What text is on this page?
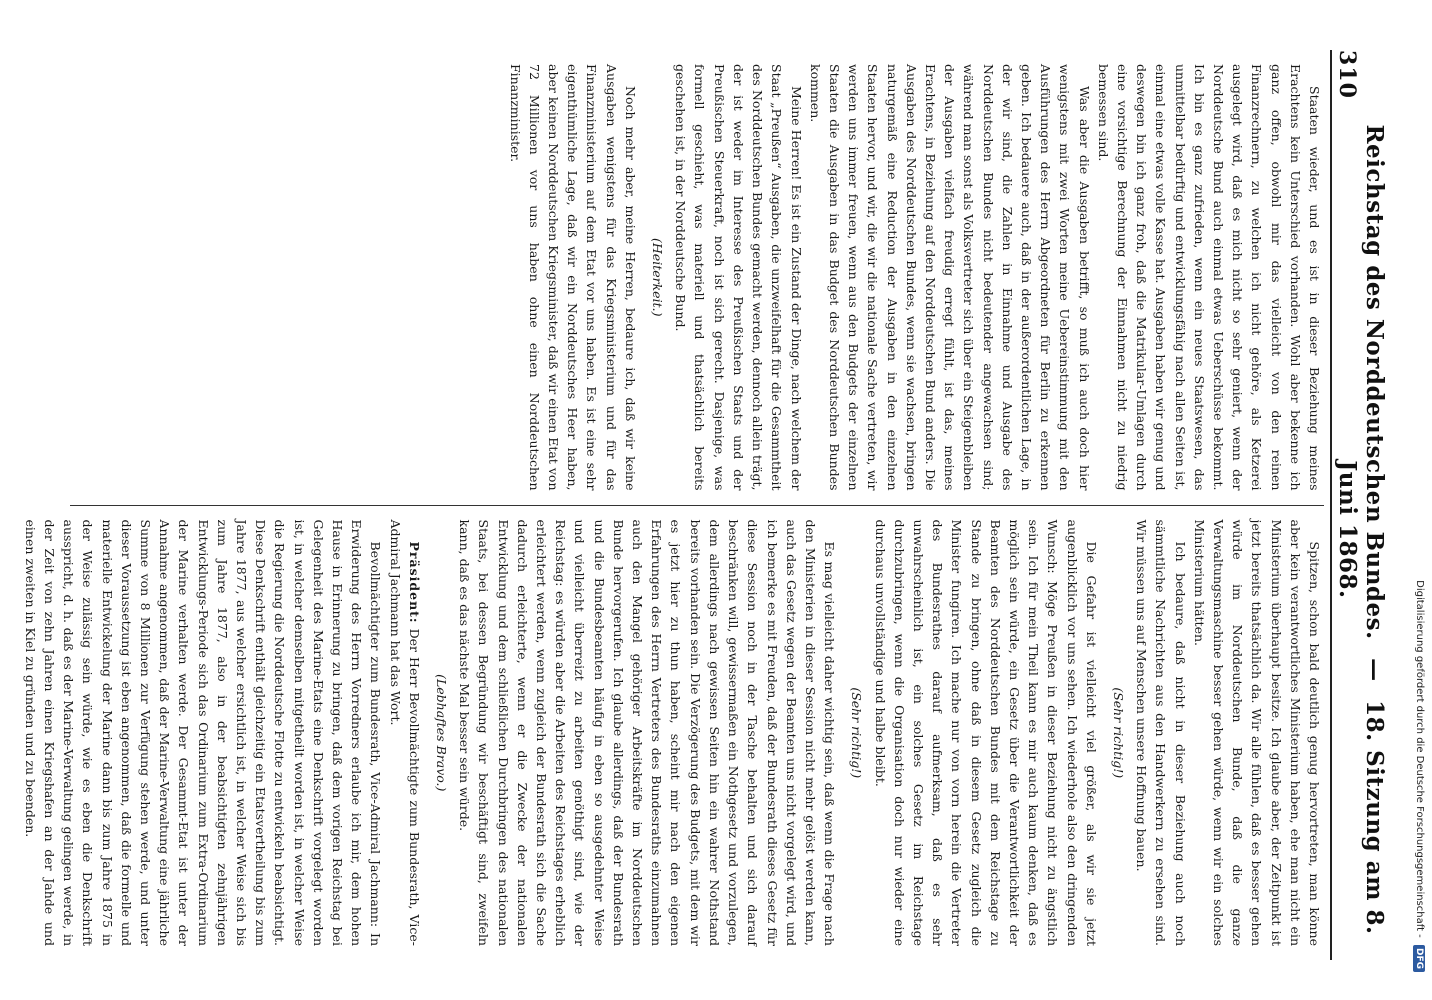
310
Reichstag des Norddeutschen Bundes. — 18. Sitzung am 8. Juni 1868.

Staaten wieder, und es ist in dieser Beziehung meines Erachtens kein Unterschied vorhanden. Wohl aber bekenne ich ganz offen, obwohl mir das vielleicht von den reinen Finanzrechnern, zu welchen ich nicht gehöre, als Ketzerei ausgelegt wird, daß es mich nicht so sehr geniert, wenn der Norddeutsche Bund auch einmal etwas Ueberschüsse bekommt. Ich bin es ganz zufrieden, wenn ein neues Staatswesen, das unmittelbar bedürftig und entwicklungsfähig nach allen Seiten ist, einmal eine etwas volle Kasse hat. Ausgaben haben wir genug und deswegen bin ich ganz froh, daß die Matrikular-Umlagen durch eine vorsichtige Berechnung der Einnahmen nicht zu niedrig bemessen sind.

Was aber die Ausgaben betrifft, so muß ich auch doch hier wenigstens mit zwei Worten meine Uebereinstimmung mit den Ausführungen des Herrn Abgeordneten für Berlin zu erkennen geben. Ich bedauere auch, daß in der außerordentlichen Lage, in der wir sind, die Zahlen in Einnahme und Ausgabe des Norddeutschen Bundes nicht bedeutender angewachsen sind; während man sonst als Volksvertreter sich über ein Steigenbleiben der Ausgaben vielfach freudig erregt fühlt, ist das, meines Erachtens, in Beziehung auf den Norddeutschen Bund anders. Die Ausgaben des Norddeutschen Bundes, wenn sie wachsen, bringen naturgemäß eine Reduction der Ausgaben in den einzelnen Staaten hervor, und wir, die wir die nationale Sache vertreten, wir werden uns immer freuen, wenn aus den Budgets der einzelnen Staaten die Ausgaben in das Budget des Norddeutschen Bundes kommen.

Meine Herren! Es ist ein Zustand der Dinge, nach welchem der Staat „Preußen“ Ausgaben, die unzweifelhaft für die Gesammtheit des Norddeutschen Bundes gemacht werden, dennoch allein trägt, der ist weder im Interesse des Preußischen Staats und der Preußischen Steuerkraft, noch ist sich gerecht. Dasjenige, was formell geschieht, was materiell und thatsächlich bereits geschehen ist, in der Norddeutsche Bund.

(Heiterkeit.)

Noch mehr aber, meine Herren, bedaure ich, daß wir keine Ausgaben wenigstens für das Kriegsministerium und für das Finanzministerium auf dem Etat vor uns haben. Es ist eine sehr eigenthümliche Lage, daß wir ein Norddeutsches Heer haben, aber keinen Norddeutschen Kriegsminister, daß wir einen Etat von 72 Millionen vor uns haben ohne einen Norddeutschen Finanzminister.

Spitzen, schon bald deutlich genug hervortreten, man könne aber kein verantwortliches Ministerium haben, ehe man nicht ein Ministerium überhaupt besitze. Ich glaube aber, der Zeitpunkt ist jetzt bereits thatsächlich da. Wir alle fühlen, daß es besser gehen würde im Norddeutschen Bunde, daß die ganze Verwaltungsmaschine besser gehen würde, wenn wir ein solches Ministerium hätten.

Ich bedaure, daß nicht in dieser Beziehung auch noch sämmtliche Nachrichten aus den Handwerkern zu ersehen sind. Wir müssen uns auf Menschen unsere Hoffnung bauen.

(Sehr richtig!)

Die Gefahr ist vielleicht viel größer, als wir sie jetzt augenblicklich vor uns sehen. Ich wiederhole also den dringenden Wunsch: Möge Preußen in dieser Beziehung nicht zu ängstlich sein. Ich für mein Theil kann es mir auch kaum denken, daß es möglich sein würde, ein Gesetz über die Verantwortlichkeit der Beamten des Norddeutschen Bundes mit dem Reichstage zu Stande zu bringen, ohne daß in diesem Gesetz zugleich die Minister fungiren. Ich mache nur von vorn herein die Vertreter des Bundesrathes darauf aufmerksam, daß es sehr unwahrscheinlich ist, ein solches Gesetz im Reichstage durchzubringen, wenn die Organisation doch nur wieder eine durchaus unvollständige und halbe bleibt.

(Sehr richtig!)

Es mag vielleicht daher wichtig sein, daß wenn die Frage nach den Ministerien in dieser Session nicht mehr gelöst werden kann, auch das Gesetz wegen der Beamten uns nicht vorgelegt wird, und ich bemerke es mit Freuden, daß der Bundesrath dieses Gesetz für diese Session noch in der Tasche behalten und sich darauf beschränken will, gewissermaßen ein Nothgesetz und vorzulegen, dem allerdings nach gewissen Seiten hin ein wahrer Nothstand bereits vorhanden sein. Die Verzögerung des Budgets, mit dem wir es jetzt hier zu thun haben, scheint mir nach den eigenen Erfahrungen des Herrn Vertreters des Bundesraths einzumahnen auch den Mangel gehöriger Arbeitskräfte im Norddeutschen Bunde hervorgerufen. Ich glaube allerdings, daß der Bundesrath und die Bundesbeamten häufig in eben so ausgedehnter Weise und vielleicht überreizt zu arbeiten genöthigt sind, wie der Reichstag: es würden aber die Arbeiten des Reichstages erheblich erleichtert werden, wenn zugleich der Bundesrath sich die Sache dadurch erleichterte, wenn er die Zwecke der nationalen Entwicklung und dem schließlichen Durchbringen des nationalen Staats, bei dessen Begründung wir beschäftigt sind, zweifeln kann, daß es das nächste Mal besser sein würde.

(Lebhaftes Bravo.)

Präsident: Der Herr Bevollmächtigte zum Bundesrath, Vice-Admiral Jachmann hat das Wort.

Bevollmächtigter zum Bundesrath, Vice-Admiral Jachmann: In Erwiderung des Herrn Vorredners erlaube ich mir, dem hohen Hause in Erinnerung zu bringen, daß dem vorigen Reichstag bei Gelegenheit des Marine-Etats eine Denkschrift vorgelegt worden ist, in welcher demselben mitgetheilt worden ist, in welcher Weise die Regierung die Norddeutsche Flotte zu entwickeln beabsichtigt. Diese Denkschrift enthält gleichzeitig ein Etatsvertheilung bis zum Jahre 1877, aus welcher ersichtlich ist, in welcher Weise sich bis zum Jahre 1877, also in der beabsichtigten zehnjährigen Entwicklungs-Periode sich das Ordinarium zum Extra-Ordinarium der Marine verhalten werde. Der Gesammt-Etat ist unter der Annahme angenommen, daß der Marine-Verwaltung eine jährliche Summe von 8 Millionen zur Verfügung stehen werde, und unter dieser Voraussetzung ist eben angenommen, daß die formelle und materielle Entwickelung der Marine dann bis zum Jahre 1875 in der Weise zulässig sein würde, wie es eben die Denkschrift ausspricht, d. h. daß es der Marine-Verwaltung gelingen werde, in der Zeit von zehn Jahren einen Kriegshafen an der Jahde und einen zweiten in Kiel zu gründen und zu beenden.	Digitalisierung gefördert durch die Deutsche Forschungsgemeinschaft - DFG
